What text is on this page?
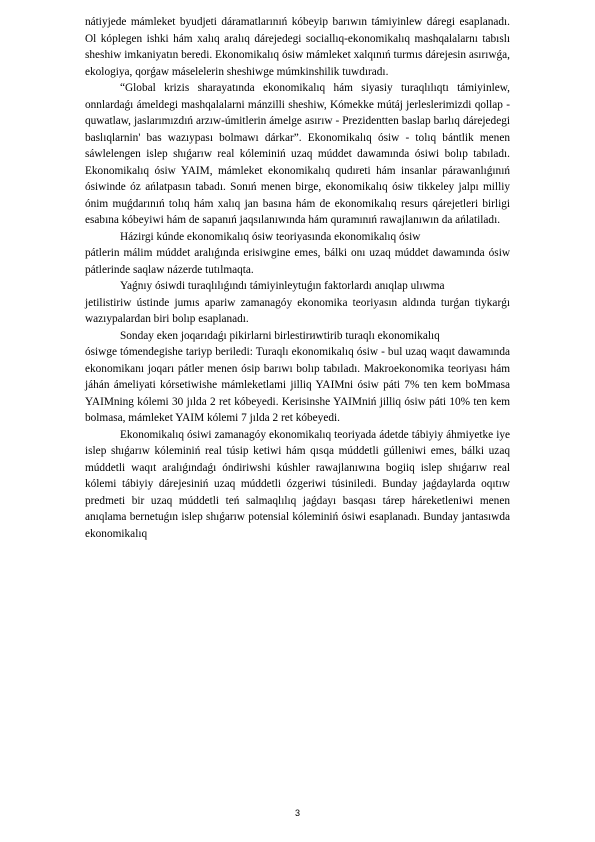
nátiyjede mámleket byudjeti dáramatlarınıń kóbeyip barıwın támiyinlew dáregi esaplanadı. Ol kóplegen ishki hám xalıq aralıq dárejedegi sociallıq-ekonomikalıq mashqalalarnı tabıslı sheshiw imkaniyatın beredi. Ekonomikalıq ósiw mámleket xalqınıń turmıs dárejesin asırıwǵa, ekologiya, qorǵaw máselelerin sheshiwge múmkinshilik tuwdıradı.

“Global krizis sharayatında ekonomikalıq hám siyasiy turaqlılıqtı támiyinlew, onnlardaǵı ámeldegi mashqalalarni mánzilli sheshiw, Kómekke mútáj jerleslerimizdi qollap -quwatlaw, jaslarımızdıń arzıw-úmitlerin ámelge asırıw - Prezidentten baslap barlıq dárejedegi baslıqlarnin' bas wazıypası bolmawı dárkar”. Ekonomikalıq ósiw - tolıq bántlik menen sáwlelengen islep shıǵarıw real kóleminiń uzaq múddet dawamında ósiwi bolıp tabıladı. Ekonomikalıq ósiw YAIM, mámleket ekonomikalıq qudıreti hám insanlar párawanlıǵınıń ósiwinde óz ańlatpasın tabadı. Sonıń menen birge, ekonomikalıq ósiw tikkeley jalpı milliy ónim muǵdarınıń tolıq hám xalıq jan basına hám de ekonomikalıq resurs qárejetleri birligi esabına kóbeyiwi hám de sapanıń jaqsılanıwında hám quramınıń rawajlanıwın da ańlatiladı.

Házirgi kúnde ekonomikalıq ósiw teoriyasında ekonomikalıq ósiw

pátlerin málim múddet aralıǵında erisiwgine emes, bálki onı uzaq múddet dawamında ósiw pátlerinde saqlaw názerde tutılmaqta.

Yaǵnıy ósiwdi turaqlılıǵındı támiyinleytuǵın faktorlardı anıqlap ulıwma

jetilistiriw ústinde jumıs apariw zamanagóy ekonomika teoriyasın aldında turǵan tiykarǵı wazıypalardan biri bolıp esaplanadı.

Sonday eken joqarıdaǵı pikirlarni birlestirиwtirib turaqlı ekonomikalıq

ósiwge tómendegishe tariyp beriledi: Turaqlı ekonomikalıq ósiw - bul uzaq waqıt dawamında ekonomikanı joqarı pátler menen ósip barıwı bolıp tabıladı. Makroekonomika teoriyası hám jáhán ámeliyati kórsetiwishe mámleketlami jilliq YAIMni ósiw páti 7% ten kem boMmasa YAIMning kólemi 30 jılda 2 ret kóbeyedi. Kerisinshe YAIMniń jilliq ósiw páti 10% ten kem bolmasa, mámleket YAIM kólemi 7 jılda 2 ret kóbeyedi.

Ekonomikalıq ósiwi zamanagóy ekonomikalıq teoriyada ádetde tábiyiy áhmiyetke iye islep shıǵarıw kóleminiń real túsip ketiwi hám qısqa múddetli gúlleniwi emes, bálki uzaq múddetli waqıt aralıǵındaǵı óndiriwshi kúshler rawajlanıwına bogiiq islep shıǵarıw real kólemi tábiyiy dárejesiniń uzaq múddetli ózgeriwi túsiniledi. Bunday jaǵdaylarda oqıtıw predmeti bir uzaq múddetli teń salmaqlılıq jaǵdayı basqası tárep háreketleniwi menen anıqlama bernetuǵın islep shıǵarıw potensial kóleminiń ósiwi esaplanadı. Bunday jantasıwda ekonomikalıq

3
